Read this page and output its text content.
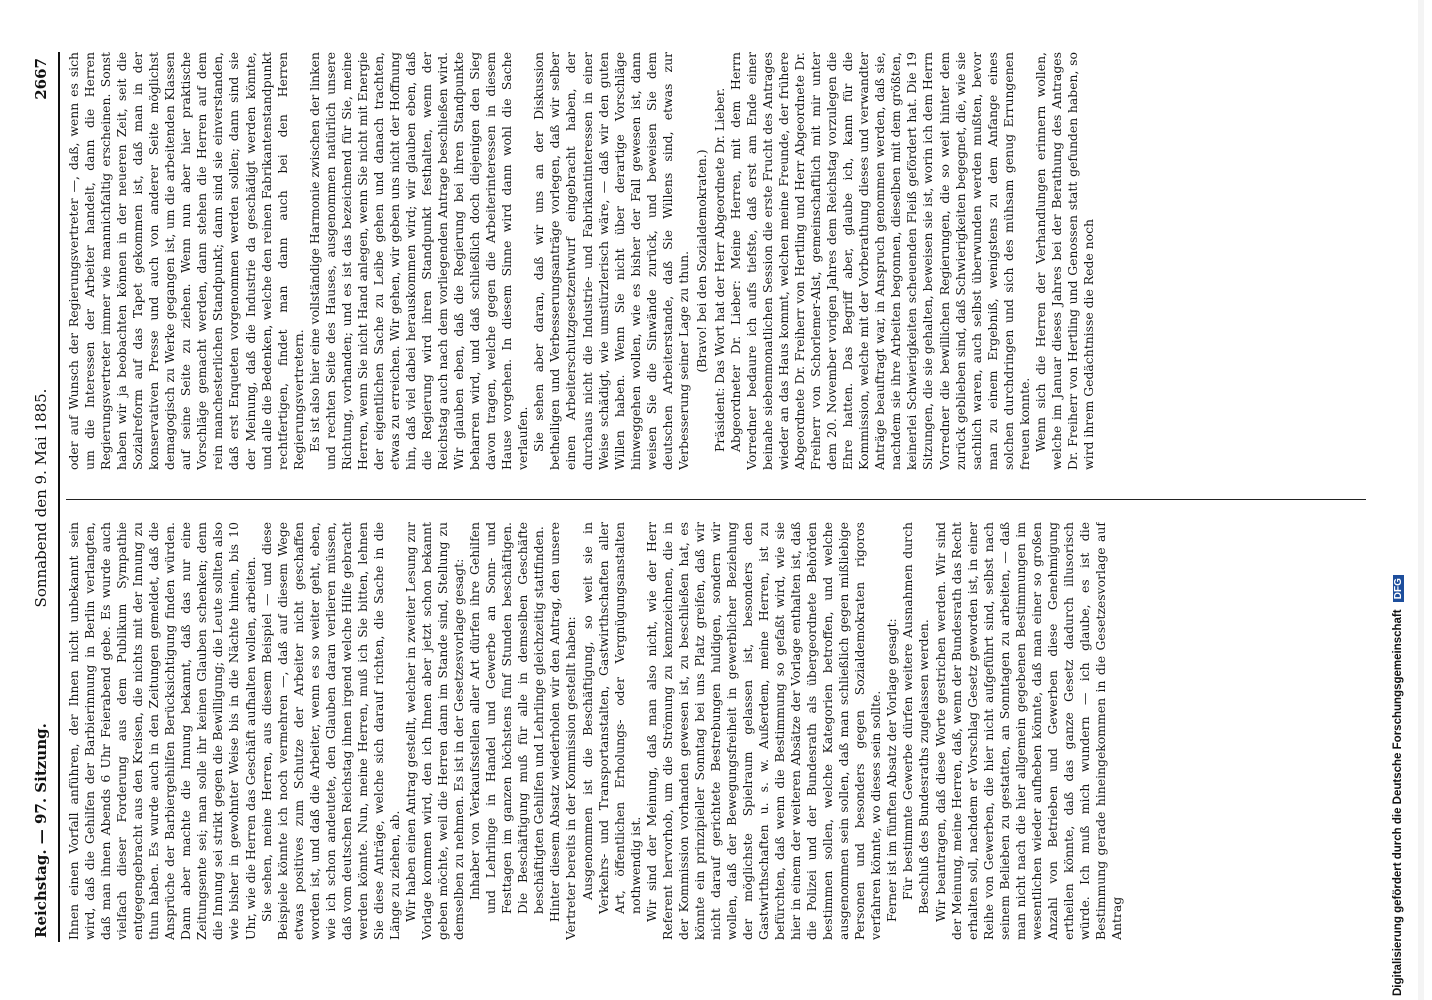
Reichstag. — 97. Sitzung.
Sonnabend den 9. Mai 1885.
2667

Ihnen einen Vorfall anführen, der Ihnen nicht unbekannt sein wird, daß die Gehilfen der Barbierinnung in Berlin verlangten, daß man ihnen Abends 6 Uhr Feierabend gebe. Es wurde auch vielfach dieser Forderung aus dem Publikum Sympathie entgegengebracht aus den Kreisen, die nichts mit der Innung zu thun haben. Es wurde auch in den Zeitungen gemeldet, daß die Ansprüche der Barbiergehilfen Berücksichtigung finden würden. Dann aber machte die Innung bekannt, daß das nur eine Zeitungsente sei; man solle ihr keinen Glauben schenken; denn die Innung sei strikt gegen die Bewilligung; die Leute sollten also wie bisher in gewohnter Weise bis in die Nächte hinein, bis 10 Uhr, wie die Herren das Geschäft aufhalten wollen, arbeiten. Sie sehen, meine Herren, aus diesem Beispiel — und diese Beispiele könnte ich noch vermehren —, daß auf diesem Wege etwas positives zum Schutze der Arbeiter nicht geschaffen worden ist, und daß die Arbeiter, wenn es so weiter geht, eben, wie ich schon andeutete, den Glauben daran verlieren müssen, daß vom deutschen Reichstag ihnen irgend welche Hilfe gebracht werden könnte. Nun, meine Herren, muß ich Sie bitten, lehnen Sie diese Anträge, welche sich darauf richten, die Sache in die Länge zu ziehen, ab. Wir haben einen Antrag gestellt, welcher in zweiter Lesung zur Vorlage kommen wird, den ich Ihnen aber jetzt schon bekannt geben möchte, weil die Herren dann im Stande sind, Stellung zu demselben zu nehmen. Es ist in der Gesetzesvorlage gesagt: Inhaber von Verkaufsstellen aller Art dürfen ihre Gehilfen und Lehrlinge in Handel und Gewerbe an Sonn- und Festtagen im ganzen höchstens fünf Stunden beschäftigen. Die Beschäftigung muß für alle in demselben Geschäfte beschäftigten Gehilfen und Lehrlinge gleichzeitig stattfinden. Hinter diesem Absatz wiederholen wir den Antrag, den unsere Vertreter bereits in der Kommission gestellt haben: Ausgenommen ist die Beschäftigung, so weit sie in Verkehrs- und Transportanstalten, Gastwirthschaften aller Art, öffentlichen Erholungs- oder Vergnügungsanstalten nothwendig ist. Wir sind der Meinung, daß man also nicht, wie der Herr Referent hervorhob, um die Strömung zu kennzeichnen, die in der Kommission vorhanden gewesen ist, zu beschließen hat, es könnte ein prinzipieller Sonntag bei uns Platz greifen, daß wir nicht darauf gerichtete Bestrebungen huldigen, sondern wir wollen, daß der Bewegungsfreiheit in gewerblicher Beziehung der möglichste Spielraum gelassen ist, besonders den Gastwirthschaften u. s. w. Außerdem, meine Herren, ist zu befürchten, daß wenn die Bestimmung so gefaßt wird, wie sie hier in einem der weiteren Absätze der Vorlage enthalten ist, daß die Polizei und der Bundesrath als übergeordnete Behörden bestimmen sollen, welche Kategorien betroffen, und welche ausgenommen sein sollen, daß man schließlich gegen mißliebige Personen und besonders gegen Sozialdemokraten rigoros verfahren könnte, wo dieses sein sollte. Ferner ist im fünften Absatz der Vorlage gesagt: Für bestimmte Gewerbe dürfen weitere Ausnahmen durch Beschluß des Bundesraths zugelassen werden. Wir beantragen, daß diese Worte gestrichen werden. Wir sind der Meinung, meine Herren, daß, wenn der Bundesrath das Recht erhalten soll, nachdem er Vorschlag Gesetz geworden ist, in einer Reihe von Gewerben, die hier nicht aufgeführt sind, selbst nach seinem Belieben zu gestatten, an Sonntagen zu arbeiten, — daß man nicht nach die hier allgemein gegebenen Bestimmungen im wesentlichen wieder aufheben könnte, daß man einer so großen Anzahl von Betrieben und Gewerben diese Genehmigung ertheilen könnte, daß das ganze Gesetz dadurch illusorisch würde. Ich muß mich wundern — ich glaube, es ist die Bestimmung gerade hineingekommen in die Gesetzesvorlage auf Antrag

oder auf Wunsch der Regierungsvertreter —, daß, wenn es sich um die Interessen der Arbeiter handelt, dann die Herren Regierungsvertreter immer wie mannichfaltig erscheinen. Sonst haben wir ja beobachten können in der neueren Zeit, seit die Sozialreform auf das Tapet gekommen ist, daß man in der konservativen Presse und auch von anderer Seite möglichst demagogisch zu Werke gegangen ist, um die arbeitenden Klassen auf seine Seite zu ziehen. Wenn nun aber hier praktische Vorschläge gemacht werden, dann stehen die Herren auf dem rein manchesterlichen Standpunkt; dann sind sie einverstanden, daß erst Enqueten vorgenommen werden sollen; dann sind sie der Meinung, daß die Industrie da geschädigt werden könnte, und alle die Bedenken, welche den reinen Fabrikantenstandpunkt rechtfertigen, findet man dann auch bei den Herren Regierungsvertretern. Es ist also hier eine vollständige Harmonie zwischen der linken und rechten Seite des Hauses, ausgenommen natürlich unsere Richtung, vorhanden; und es ist das bezeichnend für Sie, meine Herren, wenn Sie nicht Hand anlegen, wenn Sie nicht mit Energie der eigentlichen Sache zu Leibe gehen und danach trachten, etwas zu erreichen. Wir gehen, wir geben uns nicht der Hoffnung hin, daß viel dabei herauskommen wird; wir glauben eben, daß die Regierung wird ihren Standpunkt festhalten, wenn der Reichstag auch nach dem vorliegenden Antrage beschließen wird. Wir glauben eben, daß die Regierung bei ihren Standpunkte beharren wird, und daß schließlich doch diejenigen den Sieg davon tragen, welche gegen die Arbeiterinteressen in diesem Hause vorgehen. In diesem Sinne wird dann wohl die Sache verlaufen. Sie sehen aber daran, daß wir uns an der Diskussion betheiligen und Verbesserungsanträge vorlegen, daß wir selber einen Arbeiterschutzgesetzentwurf eingebracht haben, der durchaus nicht die Industrie- und Fabrikantinteressen in einer Weise schädigt, wie umstürzlerisch wäre, — daß wir den guten Willen haben. Wenn Sie nicht über derartige Vorschläge hinweggehen wollen, wie es bisher der Fall gewesen ist, dann weisen Sie die Sinwände zurück, und beweisen Sie dem deutschen Arbeiterstande, daß Sie Willens sind, etwas zur Verbesserung seiner Lage zu thun. (Bravo! bei den Sozialdemokraten.) Präsident: Das Wort hat der Herr Abgeordnete Dr. Lieber. Abgeordneter Dr. Lieber: Meine Herren, mit dem Herrn Vorredner bedaure ich aufs tiefste, daß erst am Ende einer beinahe siebenmonatlichen Session die erste Frucht des Antrages wieder an das Haus kommt, welchen meine Freunde, der frühere Abgeordnete Dr. Freiherr von Hertling und Herr Abgeordnete Dr. Freiherr von Schorlemer-Alst, gemeinschaftlich mit mir unter dem 20. November vorigen Jahres dem Reichstag vorzulegen die Ehre hatten. Das Begriff aber, glaube ich, kann für die Kommission, welche mit der Vorberathung dieses und verwandter Anträge beauftragt war, in Anspruch genommen werden, daß sie, nachdem sie ihre Arbeiten begonnen, dieselben mit dem größten, keinerlei Schwierigkeiten scheuenden Fleiß gefördert hat. Die 19 Sitzungen, die sie gehalten, beweisen sie ist, worin ich dem Herrn Vorredner die bewillichen Regierungen, die so weit hinter dem zurück geblieben sind, daß Schwierigkeiten begegnet, die, wie sie sachlich waren, auch selbst überwunden werden mußten, bevor man zu einem Ergebniß, wenigstens zu dem Anfange eines solchen durchdringen und sich des mühsam genug Errungenen freuen konnte. Wenn sich die Herren der Verhandlungen erinnern wollen, welche im Januar dieses Jahres bei der Berathung des Antrages Dr. Freiherr von Hertling und Genossen statt gefunden haben, so wird ihrem Gedächtnisse die Rede noch

Digitalisierung gefördert durch die Deutsche Forschungsgemeinschaft DFG
